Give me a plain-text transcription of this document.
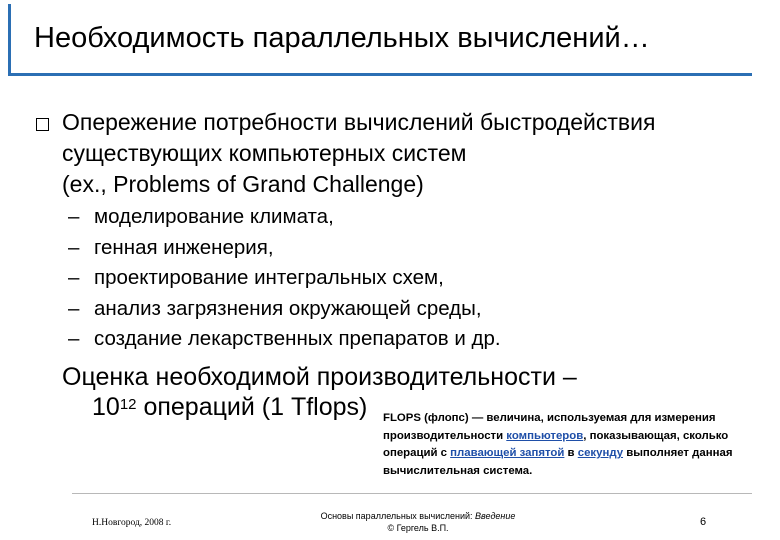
Необходимость параллельных вычислений…
Опережение потребности вычислений быстродействия
существующих компьютерных систем
(ex., Problems of Grand Challenge)
– моделирование климата,
– генная инженерия,
– проектирование интегральных схем,
– анализ загрязнения окружающей среды,
– создание лекарственных препаратов и др.
Оценка необходимой производительности –
$10^{12}$ операций (1 Tflops) FLOPS (флопс) — величина, используемая для измерения производительности компьютеров, показывающая, сколько операций с плавающей запятой в секунду выполняет данная вычислительная система.
Н.Новгород, 2008 г.
Основы параллельных вычислений: Введение
© Гергель В.П.	6
